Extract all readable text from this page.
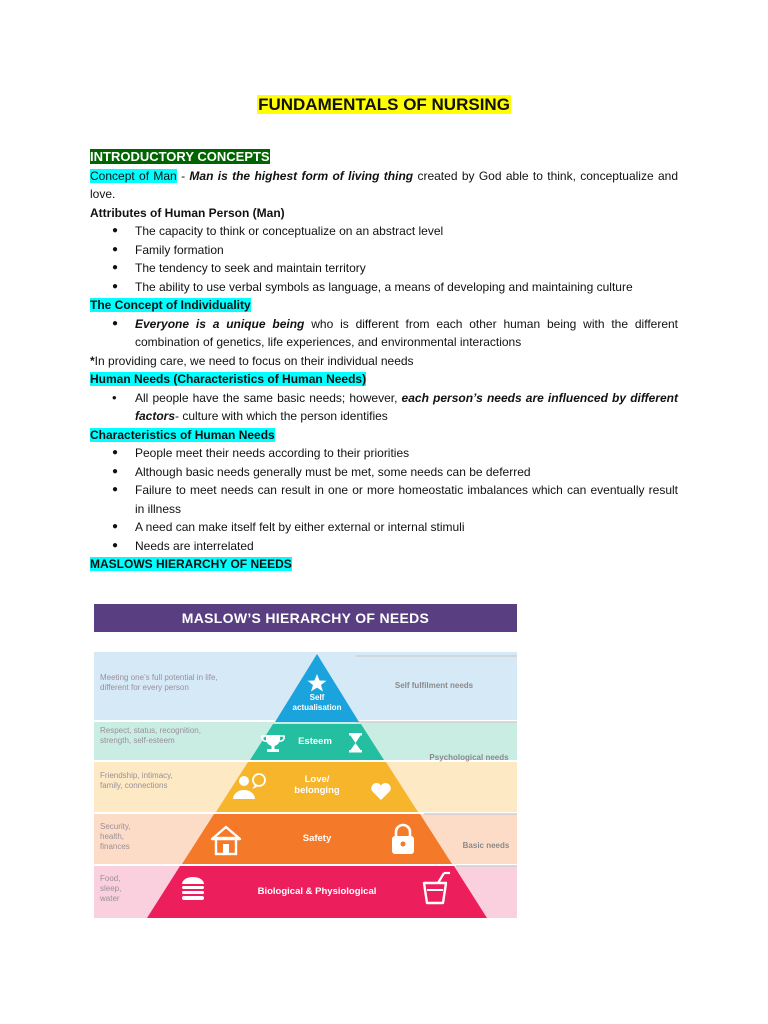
FUNDAMENTALS OF NURSING

INTRODUCTORY CONCEPTS

Concept of Man - Man is the highest form of living thing created by God able to think, conceptualize and love.

Attributes of Human Person (Man)

● The capacity to think or conceptualize on an abstract level
● Family formation
● The tendency to seek and maintain territory
● The ability to use verbal symbols as language, a means of developing and maintaining culture

The Concept of Individuality

● Everyone is a unique being who is different from each other human being with the different combination of genetics, life experiences, and environmental interactions

*In providing care, we need to focus on their individual needs

Human Needs (Characteristics of Human Needs)

• All people have the same basic needs; however, each person’s needs are influenced by different factors- culture with which the person identifies

Characteristics of Human Needs

● People meet their needs according to their priorities
● Although basic needs generally must be met, some needs can be deferred
● Failure to meet needs can result in one or more homeostatic imbalances which can eventually result in illness
● A need can make itself felt by either external or internal stimuli
● Needs are interrelated

MASLOWS HIERARCHY OF NEEDS

MASLOW’S HIERARCHY OF NEEDS
Self actualisation
Esteem
Love/ belonging
Safety
Biological & Physiological
Meeting one’s full potential in life, different for every person
Respect, status, recognition, strength, self-esteem
Friendship, intimacy, family, connections
Security, health, finances
Food, sleep, water
Self fulfilment needs
Psychological needs
Basic needs
